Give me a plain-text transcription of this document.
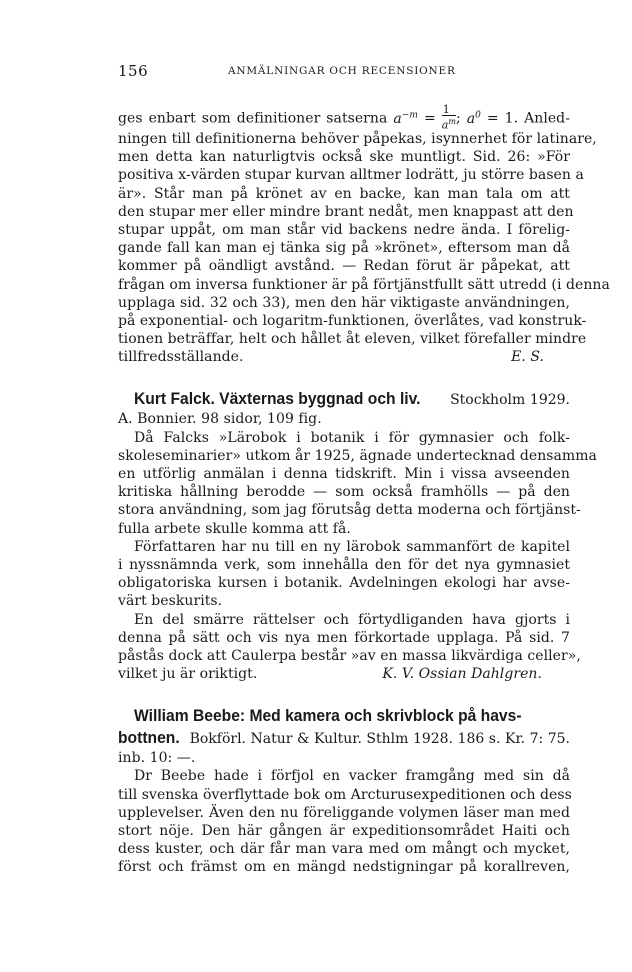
156	ANMÄLNINGAR OCH RECENSIONER
ges enbart som definitioner satserna $a^{-m} = \frac{1}{a^m}$ ; $a^0 = 1$. Anled-
ningen till definitionerna behöver påpekas, isynnerhet för latinare,
men detta kan naturligtvis också ske muntligt. Sid. 26: »För
positiva x-värden stupar kurvan alltmer lodrätt, ju större basen a
är». Står man på krönet av en backe, kan man tala om att
den stupar mer eller mindre brant nedåt, men knappast att den
stupar uppåt, om man står vid backens nedre ända. I förelig-
gande fall kan man ej tänka sig på »krönet», eftersom man då
kommer på oändligt avstånd. — Redan förut är påpekat, att
frågan om inversa funktioner är på förtjänstfullt sätt utredd (i denna
upplaga sid. 32 och 33), men den här viktigaste användningen,
på exponential- och logaritm-funktionen, överlåtes, vad konstruk-
tionen beträffar, helt och hållet åt eleven, vilket förefaller mindre
tillfredsställande.	E. S.
Kurt Falck. Växternas byggnad och liv. Stockholm 1929.
A. Bonnier. 98 sidor, 109 fig.
Då Falcks »Lärobok i botanik i för gymnasier och folk-
skoleseminarier» utkom år 1925, ägnade undertecknad densamma
en utförlig anmälan i denna tidskrift. Min i vissa avseenden
kritiska hållning berodde — som också framhölls — på den
stora användning, som jag förutsåg detta moderna och förtjänst-
fulla arbete skulle komma att få.
Författaren har nu till en ny lärobok sammanfört de kapitel
i nyssnämnda verk, som innehålla den för det nya gymnasiet
obligatoriska kursen i botanik. Avdelningen ekologi har avse-
värt beskurits.
En del smärre rättelser och förtydliganden hava gjorts i
denna på sätt och vis nya men förkortade upplaga. På sid. 7
påstås dock att Caulerpa består »av en massa likvärdiga celler»,
vilket ju är oriktigt.	K. V. Ossian Dahlgren.
William Beebe: Med kamera och skrivblock på havs-
bottnen. Bokförl. Natur & Kultur. Sthlm 1928. 186 s. Kr. 7: 75.
inb. 10: —.
Dr Beebe hade i förfjol en vacker framgång med sin då
till svenska överflyttade bok om Arcturusexpeditionen och dess
upplevelser. Även den nu föreliggande volymen läser man med
stort nöje. Den här gången är expeditionsområdet Haiti och
dess kuster, och där får man vara med om mångt och mycket,
först och främst om en mängd nedstigningar på korallreven,
